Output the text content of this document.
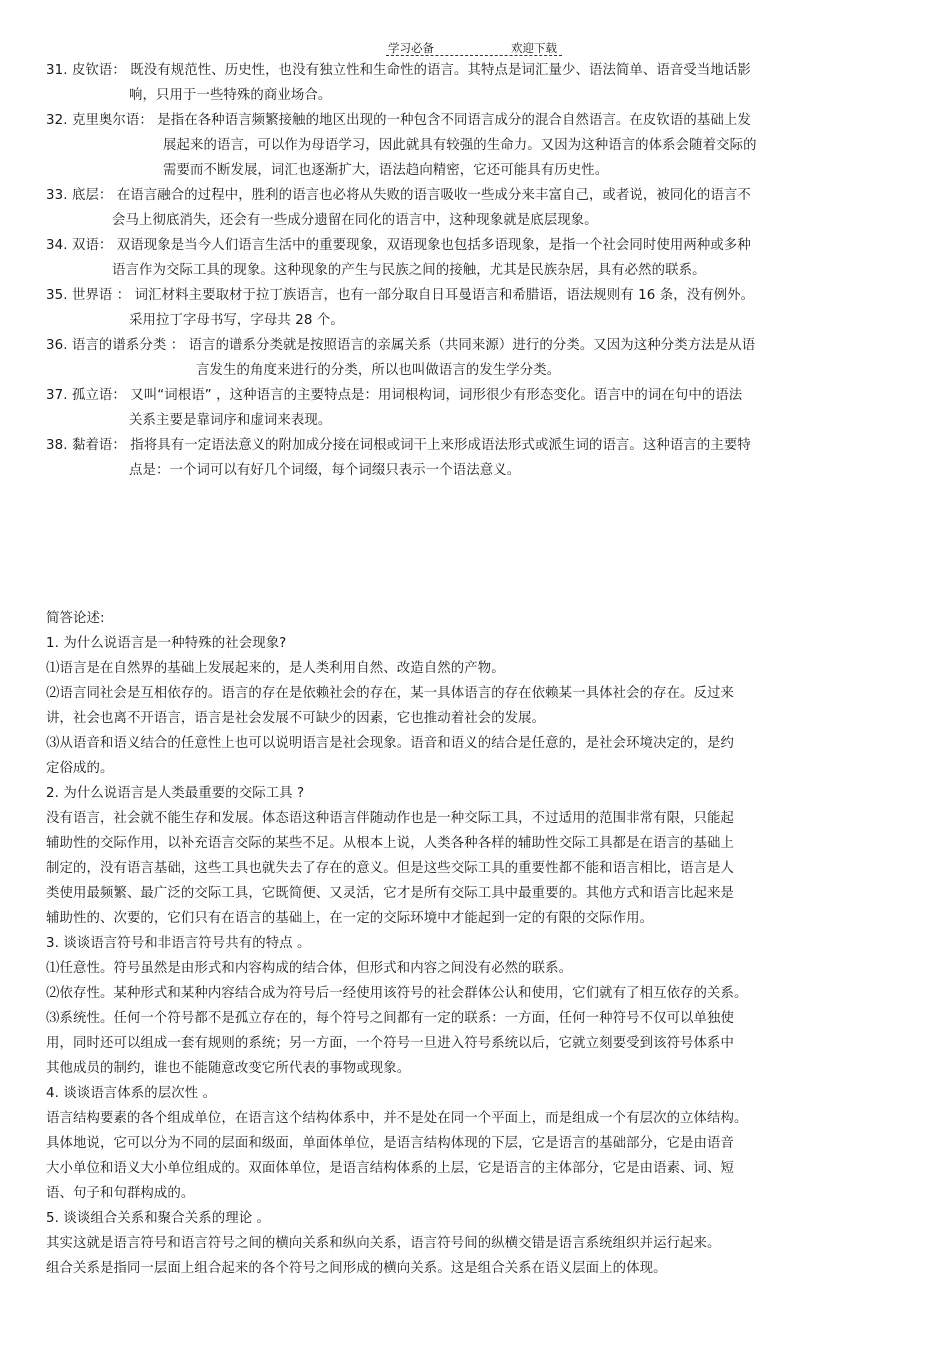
学习必备	欢迎下载
31. 皮钦语： 既没有规范性、历史性，也没有独立性和生命性的语言。其特点是词汇量少、语法简单、语音受当地话影
响，只用于一些特殊的商业场合。
32. 克里奥尔语： 是指在各种语言频繁接触的地区出现的一种包含不同语言成分的混合自然语言。在皮钦语的基础上发
展起来的语言，可以作为母语学习，因此就具有较强的生命力。又因为这种语言的体系会随着交际的
需要而不断发展，词汇也逐渐扩大，语法趋向精密，它还可能具有历史性。
33. 底层： 在语言融合的过程中，胜利的语言也必将从失败的语言吸收一些成分来丰富自己，或者说，被同化的语言不
会马上彻底消失，还会有一些成分遗留在同化的语言中，这种现象就是底层现象。
34. 双语： 双语现象是当今人们语言生活中的重要现象，双语现象也包括多语现象，是指一个社会同时使用两种或多种
语言作为交际工具的现象。这种现象的产生与民族之间的接触，尤其是民族杂居，具有必然的联系。
35. 世界语 ： 词汇材料主要取材于拉丁族语言，也有一部分取自日耳曼语言和希腊语，语法规则有 16 条，没有例外。
采用拉丁字母书写，字母共 28 个。
36. 语言的谱系分类 ： 语言的谱系分类就是按照语言的亲属关系（共同来源）进行的分类。又因为这种分类方法是从语
言发生的角度来进行的分类，所以也叫做语言的发生学分类。
37. 孤立语： 又叫“词根语” ，这种语言的主要特点是：用词根构词，词形很少有形态变化。语言中的词在句中的语法
关系主要是靠词序和虚词来表现。
38. 黏着语： 指将具有一定语法意义的附加成分接在词根或词干上来形成语法形式或派生词的语言。这种语言的主要特
点是：一个词可以有好几个词缀，每个词缀只表示一个语法意义。
简答论述:
1. 为什么说语言是一种特殊的社会现象?
⑴语言是在自然界的基础上发展起来的，是人类利用自然、改造自然的产物。
⑵语言同社会是互相依存的。语言的存在是依赖社会的存在，某一具体语言的存在依赖某一具体社会的存在。反过来
讲，社会也离不开语言，语言是社会发展不可缺少的因素，它也推动着社会的发展。
⑶从语音和语义结合的任意性上也可以说明语言是社会现象。语音和语义的结合是任意的，是社会环境决定的，是约
定俗成的。
2. 为什么说语言是人类最重要的交际工具 ?
没有语言，社会就不能生存和发展。体态语这种语言伴随动作也是一种交际工具，不过适用的范围非常有限，只能起
辅助性的交际作用，以补充语言交际的某些不足。从根本上说，人类各种各样的辅助性交际工具都是在语言的基础上
制定的，没有语言基础，这些工具也就失去了存在的意义。但是这些交际工具的重要性都不能和语言相比，语言是人
类使用最频繁、最广泛的交际工具，它既简便、又灵活，它才是所有交际工具中最重要的。其他方式和语言比起来是
辅助性的、次要的，它们只有在语言的基础上，在一定的交际环境中才能起到一定的有限的交际作用。
3. 谈谈语言符号和非语言符号共有的特点 。
⑴任意性。符号虽然是由形式和内容构成的结合体，但形式和内容之间没有必然的联系。
⑵依存性。某种形式和某种内容结合成为符号后一经使用该符号的社会群体公认和使用，它们就有了相互依存的关系。
⑶系统性。任何一个符号都不是孤立存在的，每个符号之间都有一定的联系：一方面，任何一种符号不仅可以单独使
用，同时还可以组成一套有规则的系统；另一方面，一个符号一旦进入符号系统以后，它就立刻要受到该符号体系中
其他成员的制约，谁也不能随意改变它所代表的事物或现象。
4. 谈谈语言体系的层次性 。
语言结构要素的各个组成单位，在语言这个结构体系中，并不是处在同一个平面上，而是组成一个有层次的立体结构。
具体地说，它可以分为不同的层面和级面，单面体单位，是语言结构体现的下层，它是语言的基础部分，它是由语音
大小单位和语义大小单位组成的。双面体单位，是语言结构体系的上层，它是语言的主体部分，它是由语素、词、短
语、句子和句群构成的。
5. 谈谈组合关系和聚合关系的理论 。
其实这就是语言符号和语言符号之间的横向关系和纵向关系，语言符号间的纵横交错是语言系统组织并运行起来。
组合关系是指同一层面上组合起来的各个符号之间形成的横向关系。这是组合关系在语义层面上的体现。
